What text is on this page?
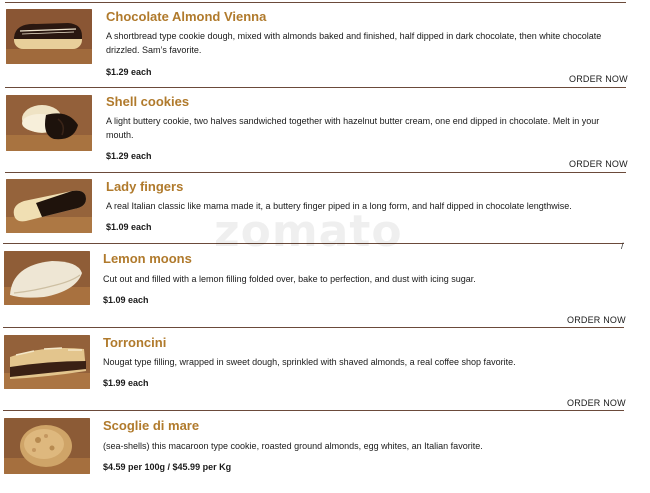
/
zomato
Chocolate Almond Vienna
A shortbread type cookie dough, mixed with almonds baked and finished, half dipped in dark chocolate, then white chocolate drizzled. Sam’s favorite.
$1.29 each
ORDER NOW
Shell cookies
A light buttery cookie, two halves sandwiched together with hazelnut butter cream, one end dipped in chocolate. Melt in your mouth.
$1.29 each
ORDER NOW
Lady fingers
A real Italian classic like mama made it, a buttery finger piped in a long form, and half dipped in chocolate lengthwise.
$1.09 each
Lemon moons
Cut out and filled with a lemon filling folded over, bake to perfection, and dust with icing sugar.
$1.09 each
ORDER NOW
Torroncini
Nougat type filling, wrapped in sweet dough, sprinkled with shaved almonds, a real coffee shop favorite.
$1.99 each
ORDER NOW
Scoglie di mare
(sea-shells) this macaroon type cookie, roasted ground almonds, egg whites, an Italian favorite.
$4.59 per 100g / $45.99 per Kg
